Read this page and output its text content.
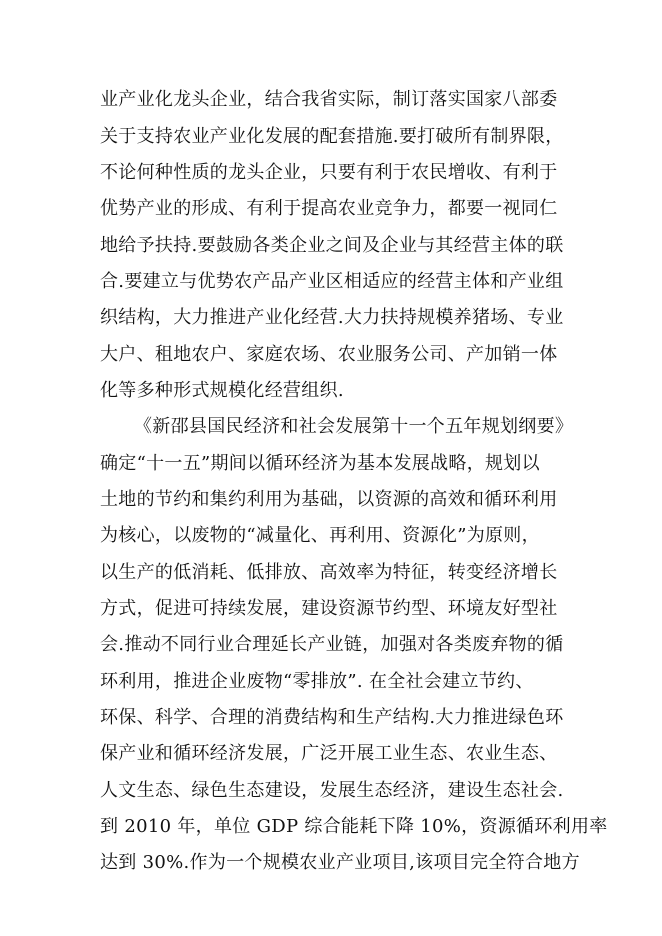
业产业化龙头企业，结合我省实际，制订落实国家八部委
关于支持农业产业化发展的配套措施.要打破所有制界限，
不论何种性质的龙头企业，只要有利于农民增收、有利于
优势产业的形成、有利于提高农业竞争力，都要一视同仁
地给予扶持.要鼓励各类企业之间及企业与其经营主体的联
合.要建立与优势农产品产业区相适应的经营主体和产业组
织结构，大力推进产业化经营.大力扶持规模养猪场、专业
大户、租地农户、家庭农场、农业服务公司、产加销一体
化等多种形式规模化经营组织.
《新邵县国民经济和社会发展第十一个五年规划纲要》
确定“十一五”期间以循环经济为基本发展战略，规划以
土地的节约和集约利用为基础，以资源的高效和循环利用
为核心，以废物的“减量化、再利用、资源化”为原则，
以生产的低消耗、低排放、高效率为特征，转变经济增长
方式，促进可持续发展，建设资源节约型、环境友好型社
会.推动不同行业合理延长产业链，加强对各类废弃物的循
环利用，推进企业废物“零排放”. 在全社会建立节约、
环保、科学、合理的消费结构和生产结构.大力推进绿色环
保产业和循环经济发展，广泛开展工业生态、农业生态、
人文生态、绿色生态建设，发展生态经济，建设生态社会.
到 2010 年，单位 GDP 综合能耗下降 10%，资源循环利用率
达到 30%.作为一个规模农业产业项目,该项目完全符合地方
